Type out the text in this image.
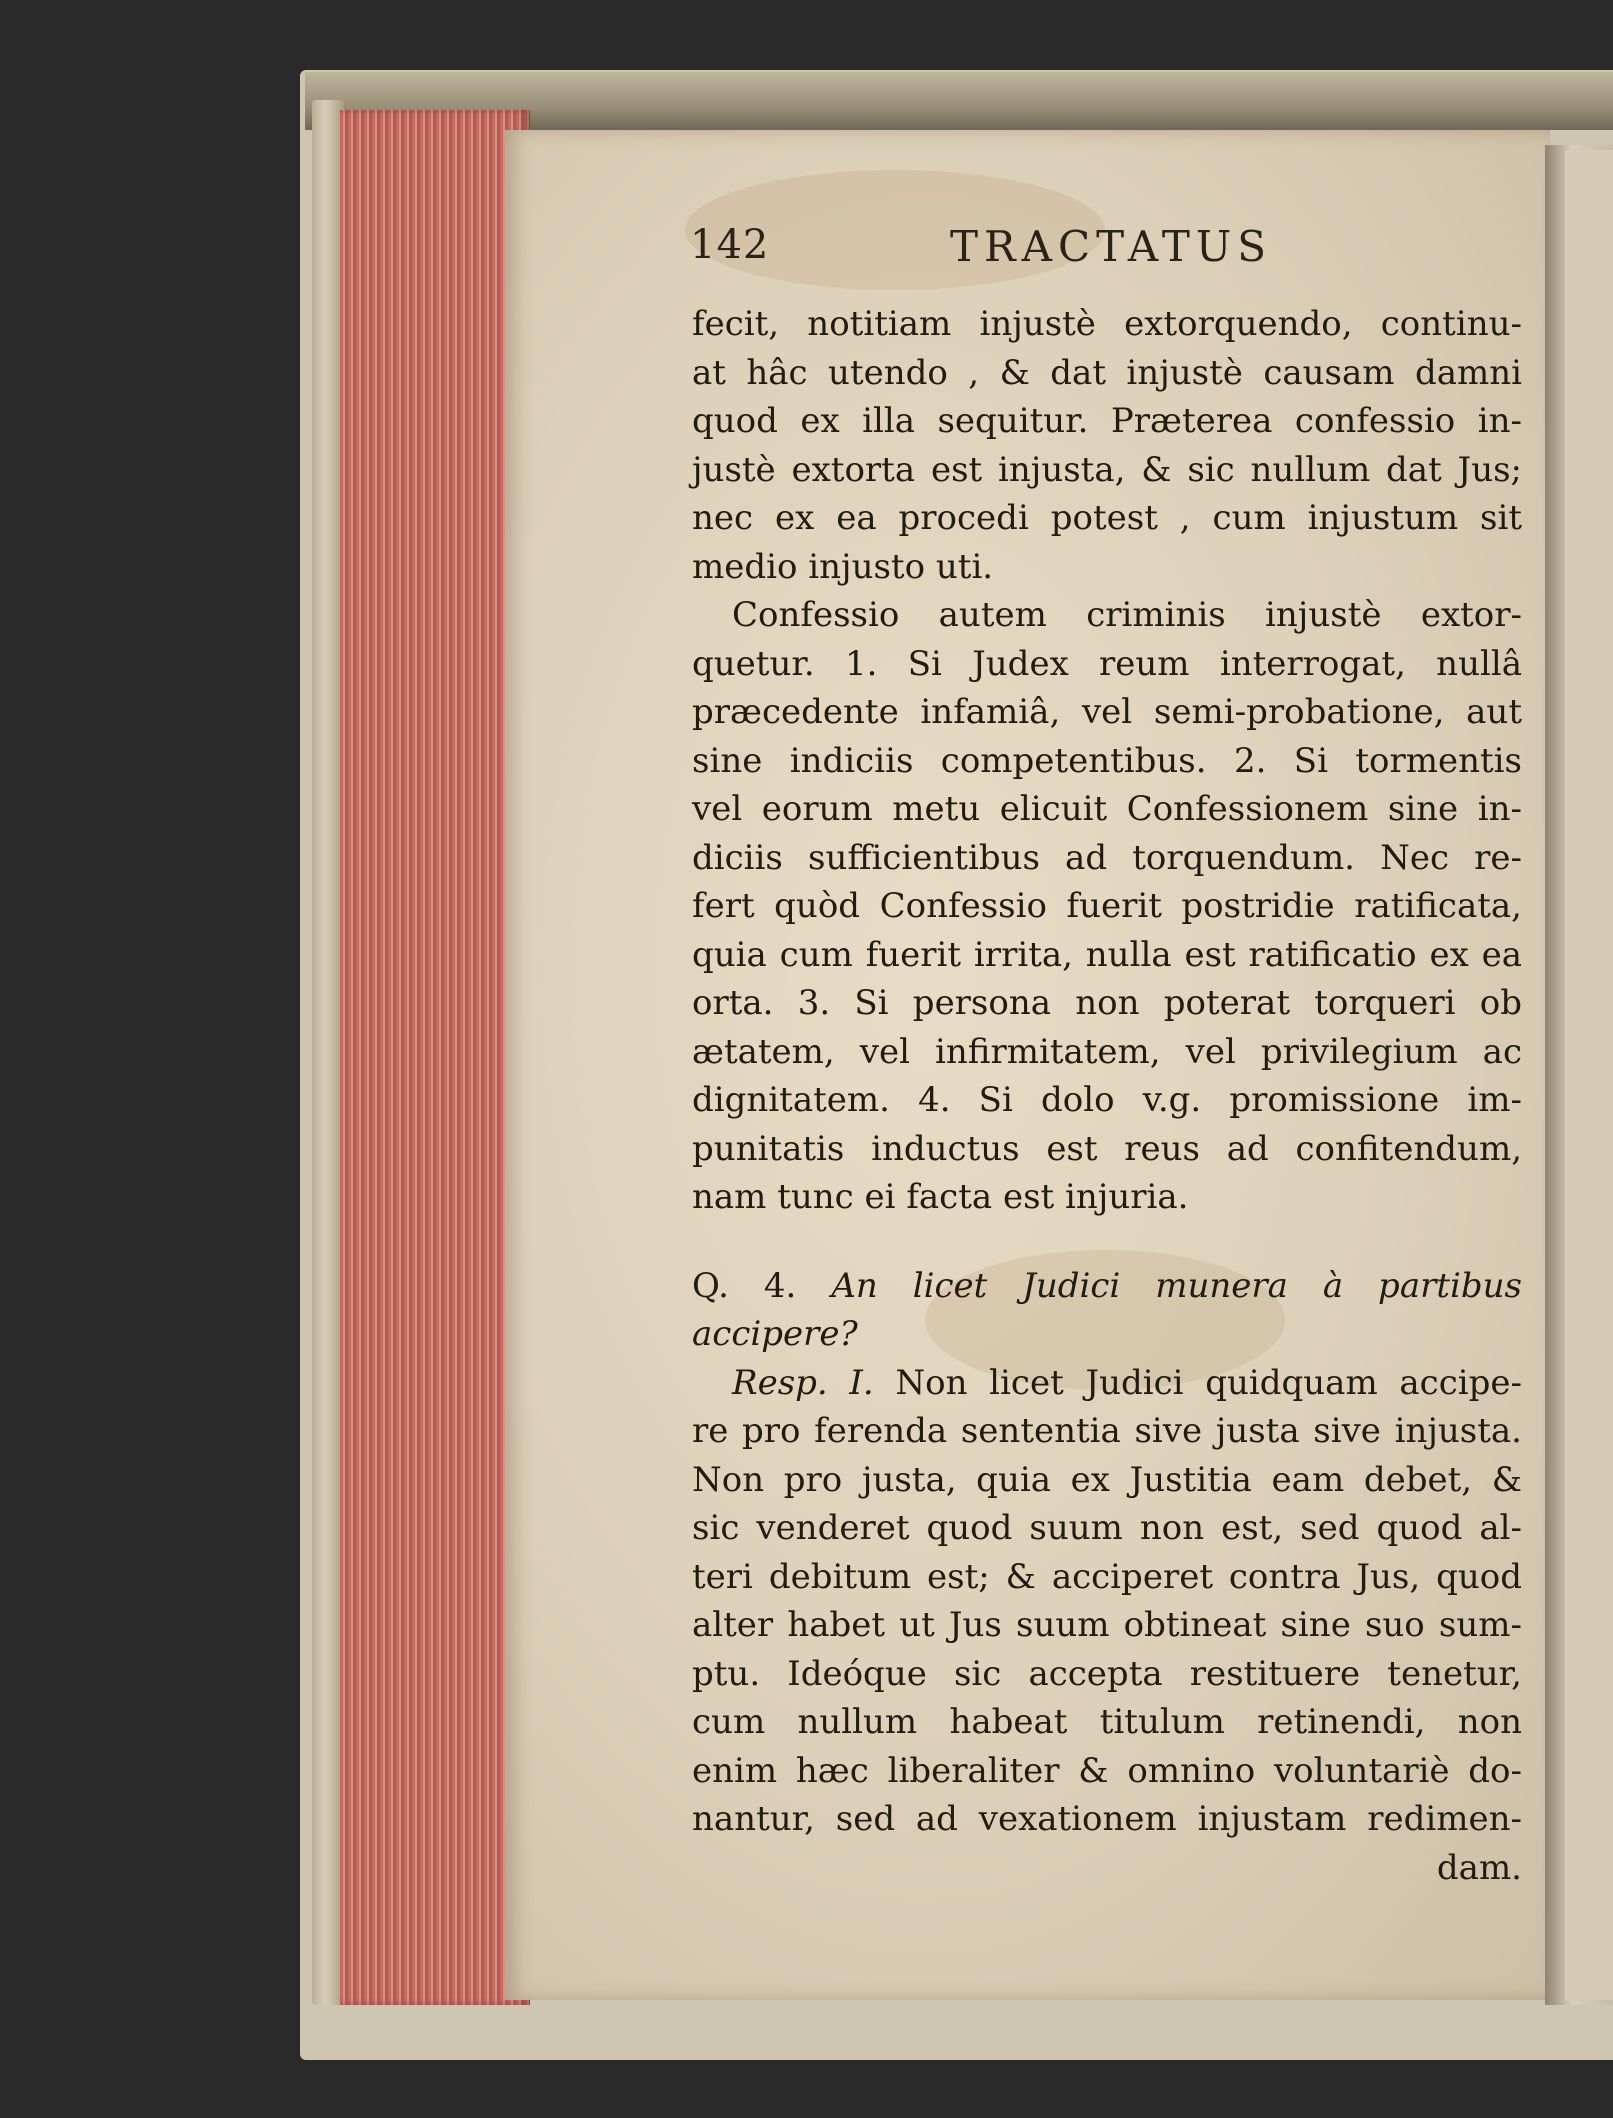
142	TRACTATUS
fecit, notitiam injustè extorquendo, continu-
at hâc utendo , & dat injustè causam damni
quod ex illa sequitur. Præterea confessio in-
justè extorta est injusta, & sic nullum dat Jus;
nec ex ea procedi potest , cum injustum sit
medio injusto uti.
Confessio autem criminis injustè extor-
quetur. 1. Si Judex reum interrogat, nullâ
præcedente infamiâ, vel semi-probatione, aut
sine indiciis competentibus. 2. Si tormentis
vel eorum metu elicuit Confessionem sine in-
diciis sufficientibus ad torquendum. Nec re-
fert quòd Confessio fuerit postridie ratificata,
quia cum fuerit irrita, nulla est ratificatio ex ea
orta. 3. Si persona non poterat torqueri ob
ætatem, vel infirmitatem, vel privilegium ac
dignitatem. 4. Si dolo v.g. promissione im-
punitatis inductus est reus ad confitendum,
nam tunc ei facta est injuria.
Q. 4. An licet Judici munera à partibus accipere?
Resp. I. Non licet Judici quidquam accipe-
re pro ferenda sententia sive justa sive injusta.
Non pro justa, quia ex Justitia eam debet, &
sic venderet quod suum non est, sed quod al-
teri debitum est; & acciperet contra Jus, quod
alter habet ut Jus suum obtineat sine suo sum-
ptu. Ideóque sic accepta restituere tenetur,
cum nullum habeat titulum retinendi, non
enim hæc liberaliter & omnino voluntariè do-
nantur, sed ad vexationem injustam redimen-
dam.
